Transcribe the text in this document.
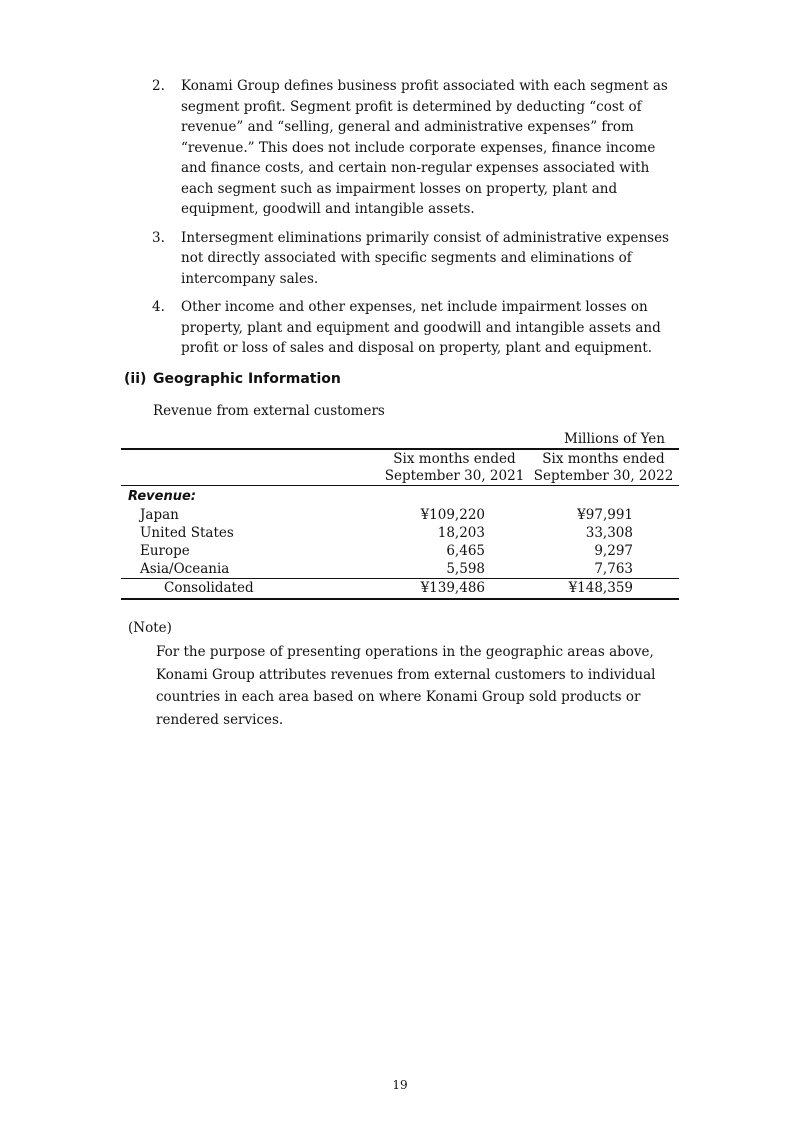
2.	Konami Group defines business profit associated with each segment as segment profit. Segment profit is determined by deducting “cost of revenue” and “selling, general and administrative expenses” from “revenue.” This does not include corporate expenses, finance income and finance costs, and certain non-regular expenses associated with each segment such as impairment losses on property, plant and equipment, goodwill and intangible assets.
3.	Intersegment eliminations primarily consist of administrative expenses not directly associated with specific segments and eliminations of intercompany sales.
4.	Other income and other expenses, net include impairment losses on property, plant and equipment and goodwill and intangible assets and profit or loss of sales and disposal on property, plant and equipment.
(ii) Geographic Information
Revenue from external customers
Millions of Yen
Six months ended
September 30, 2021
Six months ended
September 30, 2022
Revenue:
Japan	¥109,220	¥97,991
United States	18,203	33,308
Europe	6,465	9,297
Asia/Oceania	5,598	7,763
Consolidated	¥139,486	¥148,359
(Note)
For the purpose of presenting operations in the geographic areas above, Konami Group attributes revenues from external customers to individual countries in each area based on where Konami Group sold products or rendered services.
19
